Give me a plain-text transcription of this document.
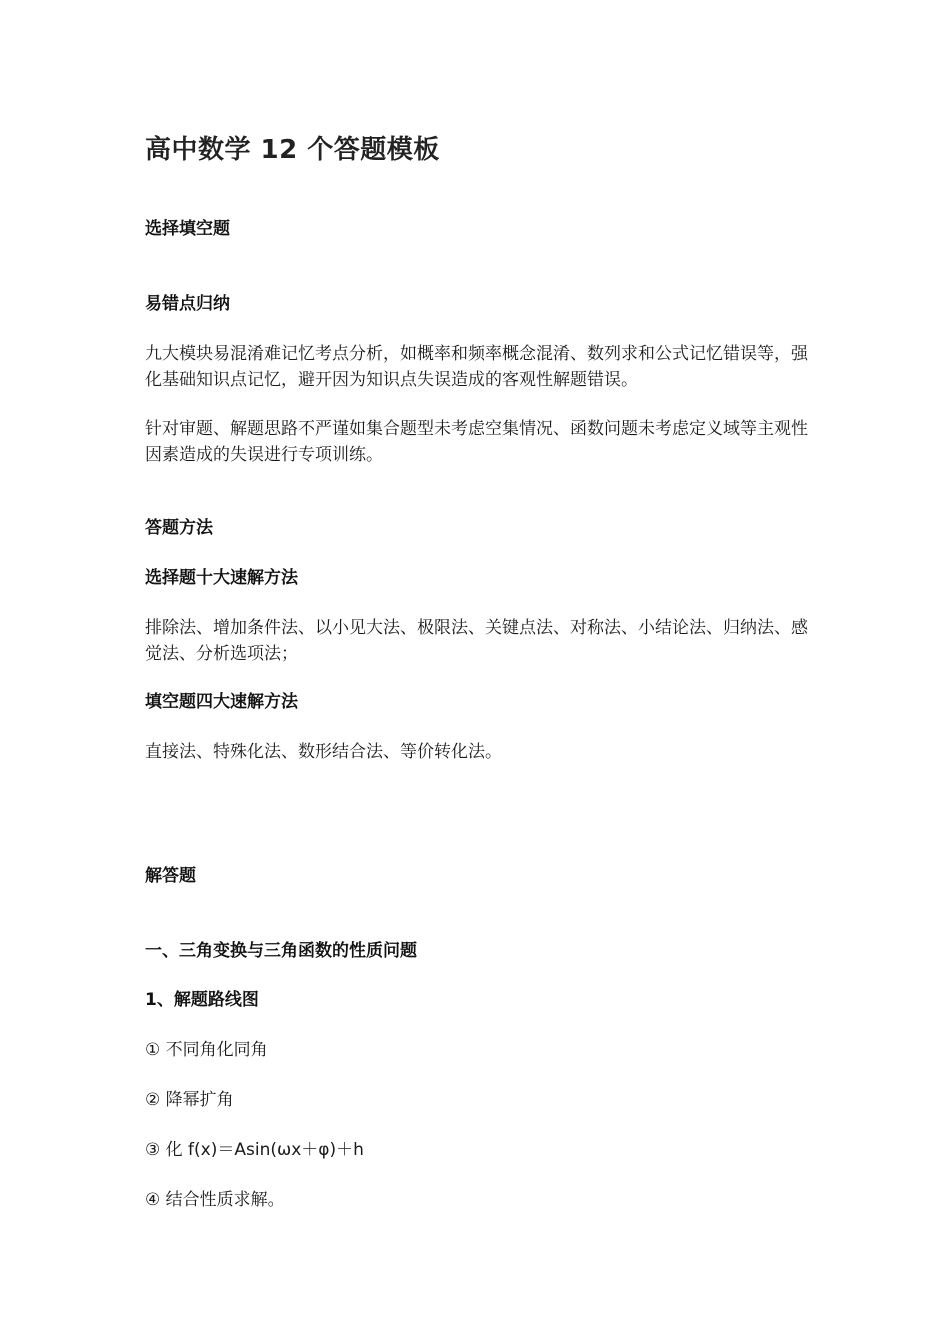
高中数学 12 个答题模板
选择填空题
易错点归纳

九大模块易混淆难记忆考点分析，如概率和频率概念混淆、数列求和公式记忆错误等，强化基础知识点记忆，避开因为知识点失误造成的客观性解题错误。

针对审题、解题思路不严谨如集合题型未考虑空集情况、函数问题未考虑定义域等主观性因素造成的失误进行专项训练。

答题方法
选择题十大速解方法

排除法、增加条件法、以小见大法、极限法、关键点法、对称法、小结论法、归纳法、感觉法、分析选项法；

填空题四大速解方法

直接法、特殊化法、数形结合法、等价转化法。

解答题
一、三角变换与三角函数的性质问题
1、解题路线图
① 不同角化同角
② 降幂扩角
③ 化 f(x)＝Asin(ωx＋φ)＋h
④ 结合性质求解。
